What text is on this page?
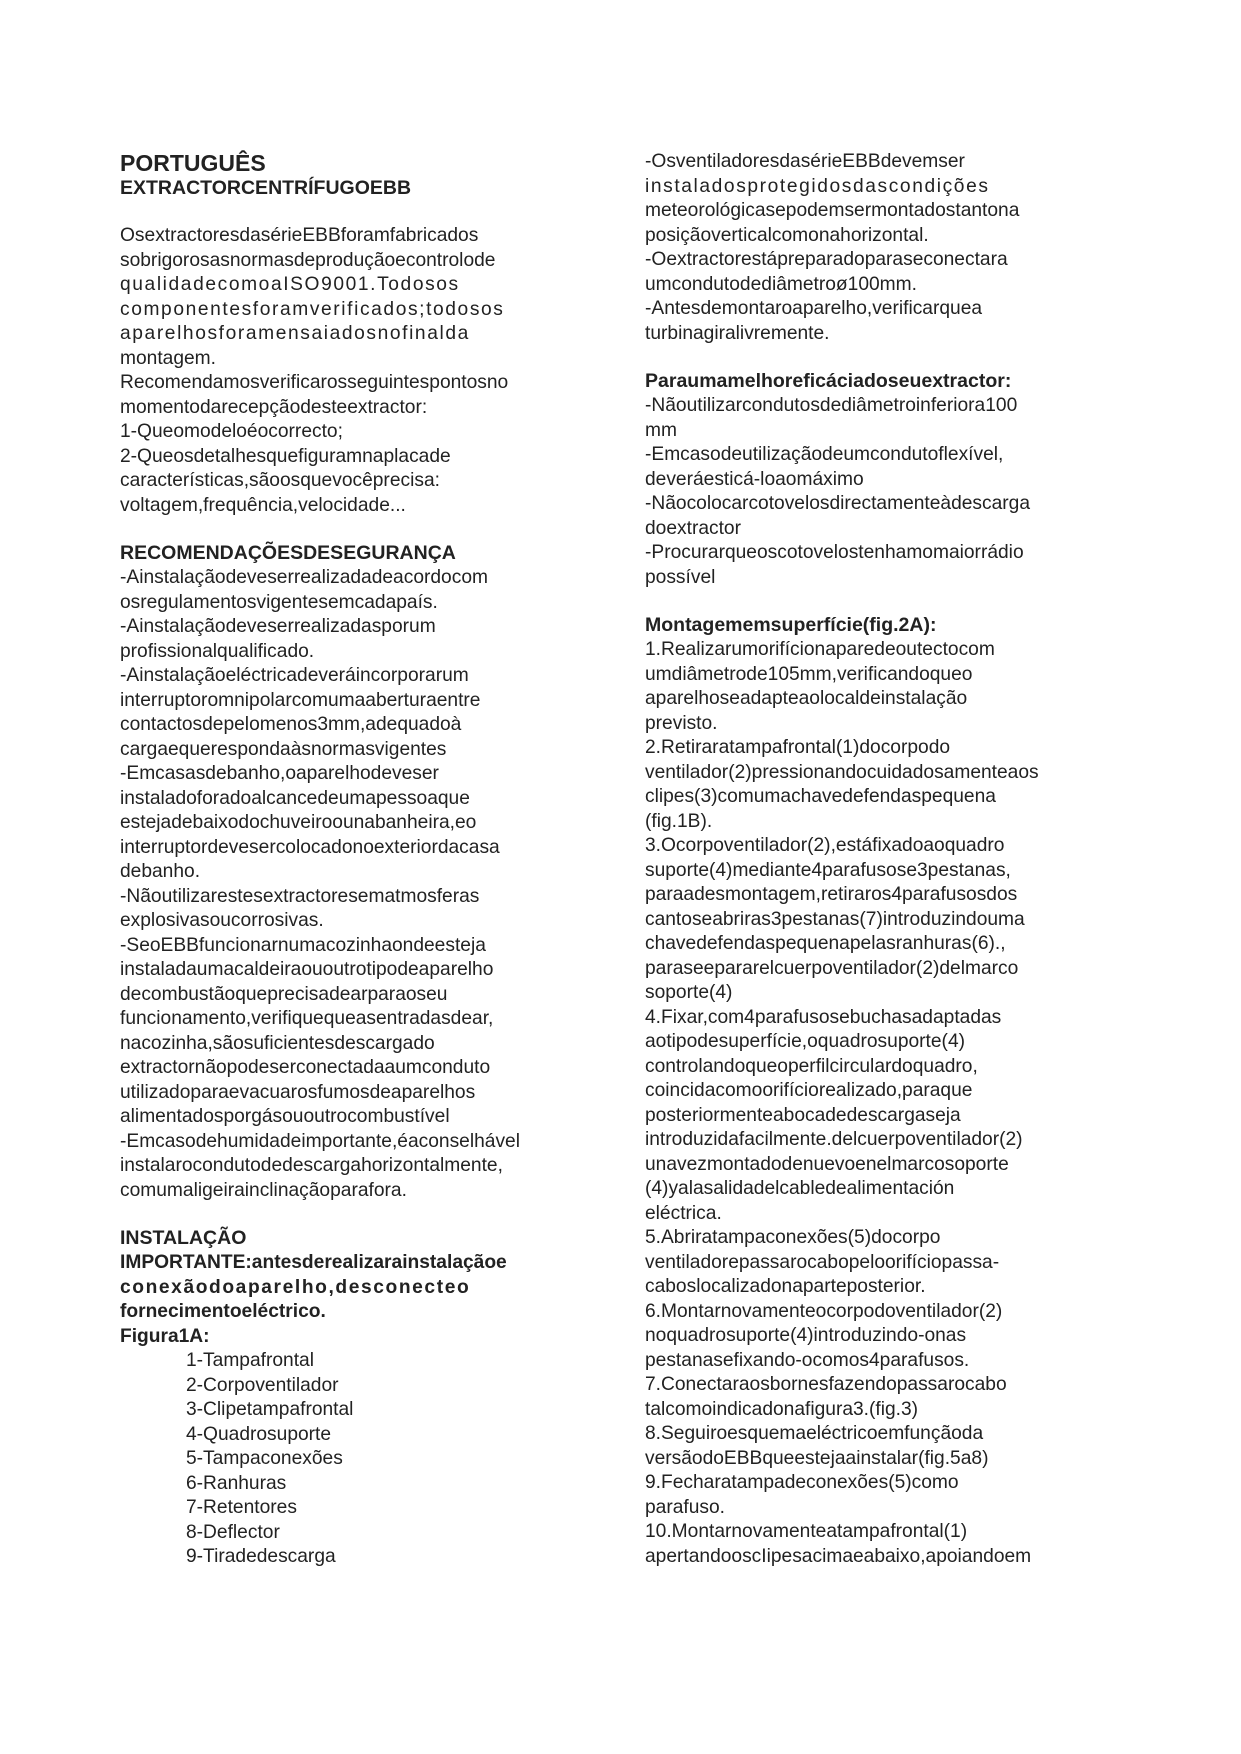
PORTUGUÊS
EXTRACTORCENTRÍFUGOEBB
OsextractoresdasérieEBBforamfabricados
sobrigorosasnormasdeproduçãoecontrolode
qualidadecomoaISO9001.Todosos
componentesforamverificados;todosos
aparelhosforamensaiadosnofinalda
montagem.
Recomendamosverificarosseguintespontosno
momentodarecepçãodesteextractor:
1-Queomodeloéocorrecto;
2-Queosdetalhesquefiguramnaplacade
características,sãoosquevocêprecisa:
voltagem,frequência,velocidade...
RECOMENDAÇÕESDESEGURANÇA
-Ainstalaçãodeveserrealizadadeacordocom
osregulamentosvigentesemcadapaís.
-Ainstalaçãodeveserrealizadasporum
profissionalqualificado.
-Ainstalaçãoeléctricadeveráincorporarum
interruptoromnipolarcomumaaberturaentre
contactosdepelomenos3mm,adequadoà
cargaequerespondaàsnormasvigentes
-Emcasasdebanho,oaparelhodeveser
instaladoforadoalcancedeumapessoaque
estejadebaixodochuveiroounabanheira,eo
interruptordevesercolocadonoexteriordacasa
debanho.
-Nãoutilizarestesextractoresematmosferas
explosivasoucorrosivas.
-SeoEBBfuncionarnumacozinhaondeesteja
instaladaumacaldeiraououtrotipodeaparelho
decombustãoqueprecisadearparaoseu
funcionamento,verifiquequeasentradasdear,
nacozinha,sãosuficientesdescargado
extractornãopodeserconectadaaumconduto
utilizadoparaevacuarosfumosdeaparelhos
alimentadosporgásououtrocombustível
-Emcasodehumidadeimportante,éaconselhável
instalarocondutodedescargahorizontalmente,
comumaligeirainclinaçãoparafora.
INSTALAÇÃO
IMPORTANTE:antesderealizarainstalaçãoe
conexãodoaparelho,desconecteo
fornecimentoeléctrico.
Figura1A:
1-Tampafrontal
2-Corpoventilador
3-Clipetampafrontal
4-Quadrosuporte
5-Tampaconexões
6-Ranhuras
7-Retentores
8-Deflector
9-Tiradedescarga
-OsventiladoresdasérieEBBdevemser
instaladosprotegidosdascondições
meteorológicasepodemsermontadostantona
posiçãoverticalcomonahorizontal.
-Oextractorestápreparadoparaseconectara
umcondutodediâmetroø100mm.
-Antesdemontaroaparelho,verificarquea
turbinagiralivremente.
Paraumamelhoreficáciadoseuextractor:
-Nãoutilizarcondutosdediâmetroinferiora100
mm
-Emcasodeutilizaçãodeumcondutoflexível,
deveráesticá-loaomáximo
-Nãocolocarcotovelosdirectamenteàdescarga
doextractor
-Procurarqueoscotovelostenhamomaiorrádio
possível
Montagememsuperfície(fig.2A):
1.Realizarumorifícionaparedeoutectocom
umdiâmetrode105mm,verificandoqueo
aparelhoseadapteaolocaldeinstalação
previsto.
2.Retiraratampafrontal(1)docorpodo
ventilador(2)pressionandocuidadosamenteaos
clipes(3)comumachavedefendaspequena
(fig.1B).
3.Ocorpoventilador(2),estáfixadoaoquadro
suporte(4)mediante4parafusose3pestanas,
paraadesmontagem,retiraros4parafusosdos
cantoseabriras3pestanas(7)introduzindouma
chavedefendaspequenapelasranhuras(6).,
paraseepararelcuerpoventilador(2)delmarco
soporte(4)
4.Fixar,com4parafusosebuchasadaptadas
aotipodesuperfície,oquadrosuporte(4)
controlandoqueoperfilcirculardoquadro,
coincidacomoorifíciorealizado,paraque
posteriormenteabocadedescargaseja
introduzidafacilmente.delcuerpoventilador(2)
unavezmontadodenuevoenelmarcosoporte
(4)yalasalidadelcabledealimentación
eléctrica.
5.Abriratampaconexões(5)docorpo
ventiladorepassarocabopeloorifíciopassa-
caboslocalizadonaparteposterior.
6.Montarnovamenteocorpodoventilador(2)
noquadrosuporte(4)introduzindo-onas
pestanasefixando-ocomos4parafusos.
7.Conectaraosbornesfazendopassarocabo
talcomoindicadonafigura3.(fig.3)
8.Seguiroesquemaeléctricoemfunçãoda
versãodoEBBqueestejaainstalar(fig.5a8)
9.Fecharatampadeconexões(5)como
parafuso.
10.Montarnovamenteatampafrontal(1)
apertandooscIipesacimaeabaixo,apoiandoem
